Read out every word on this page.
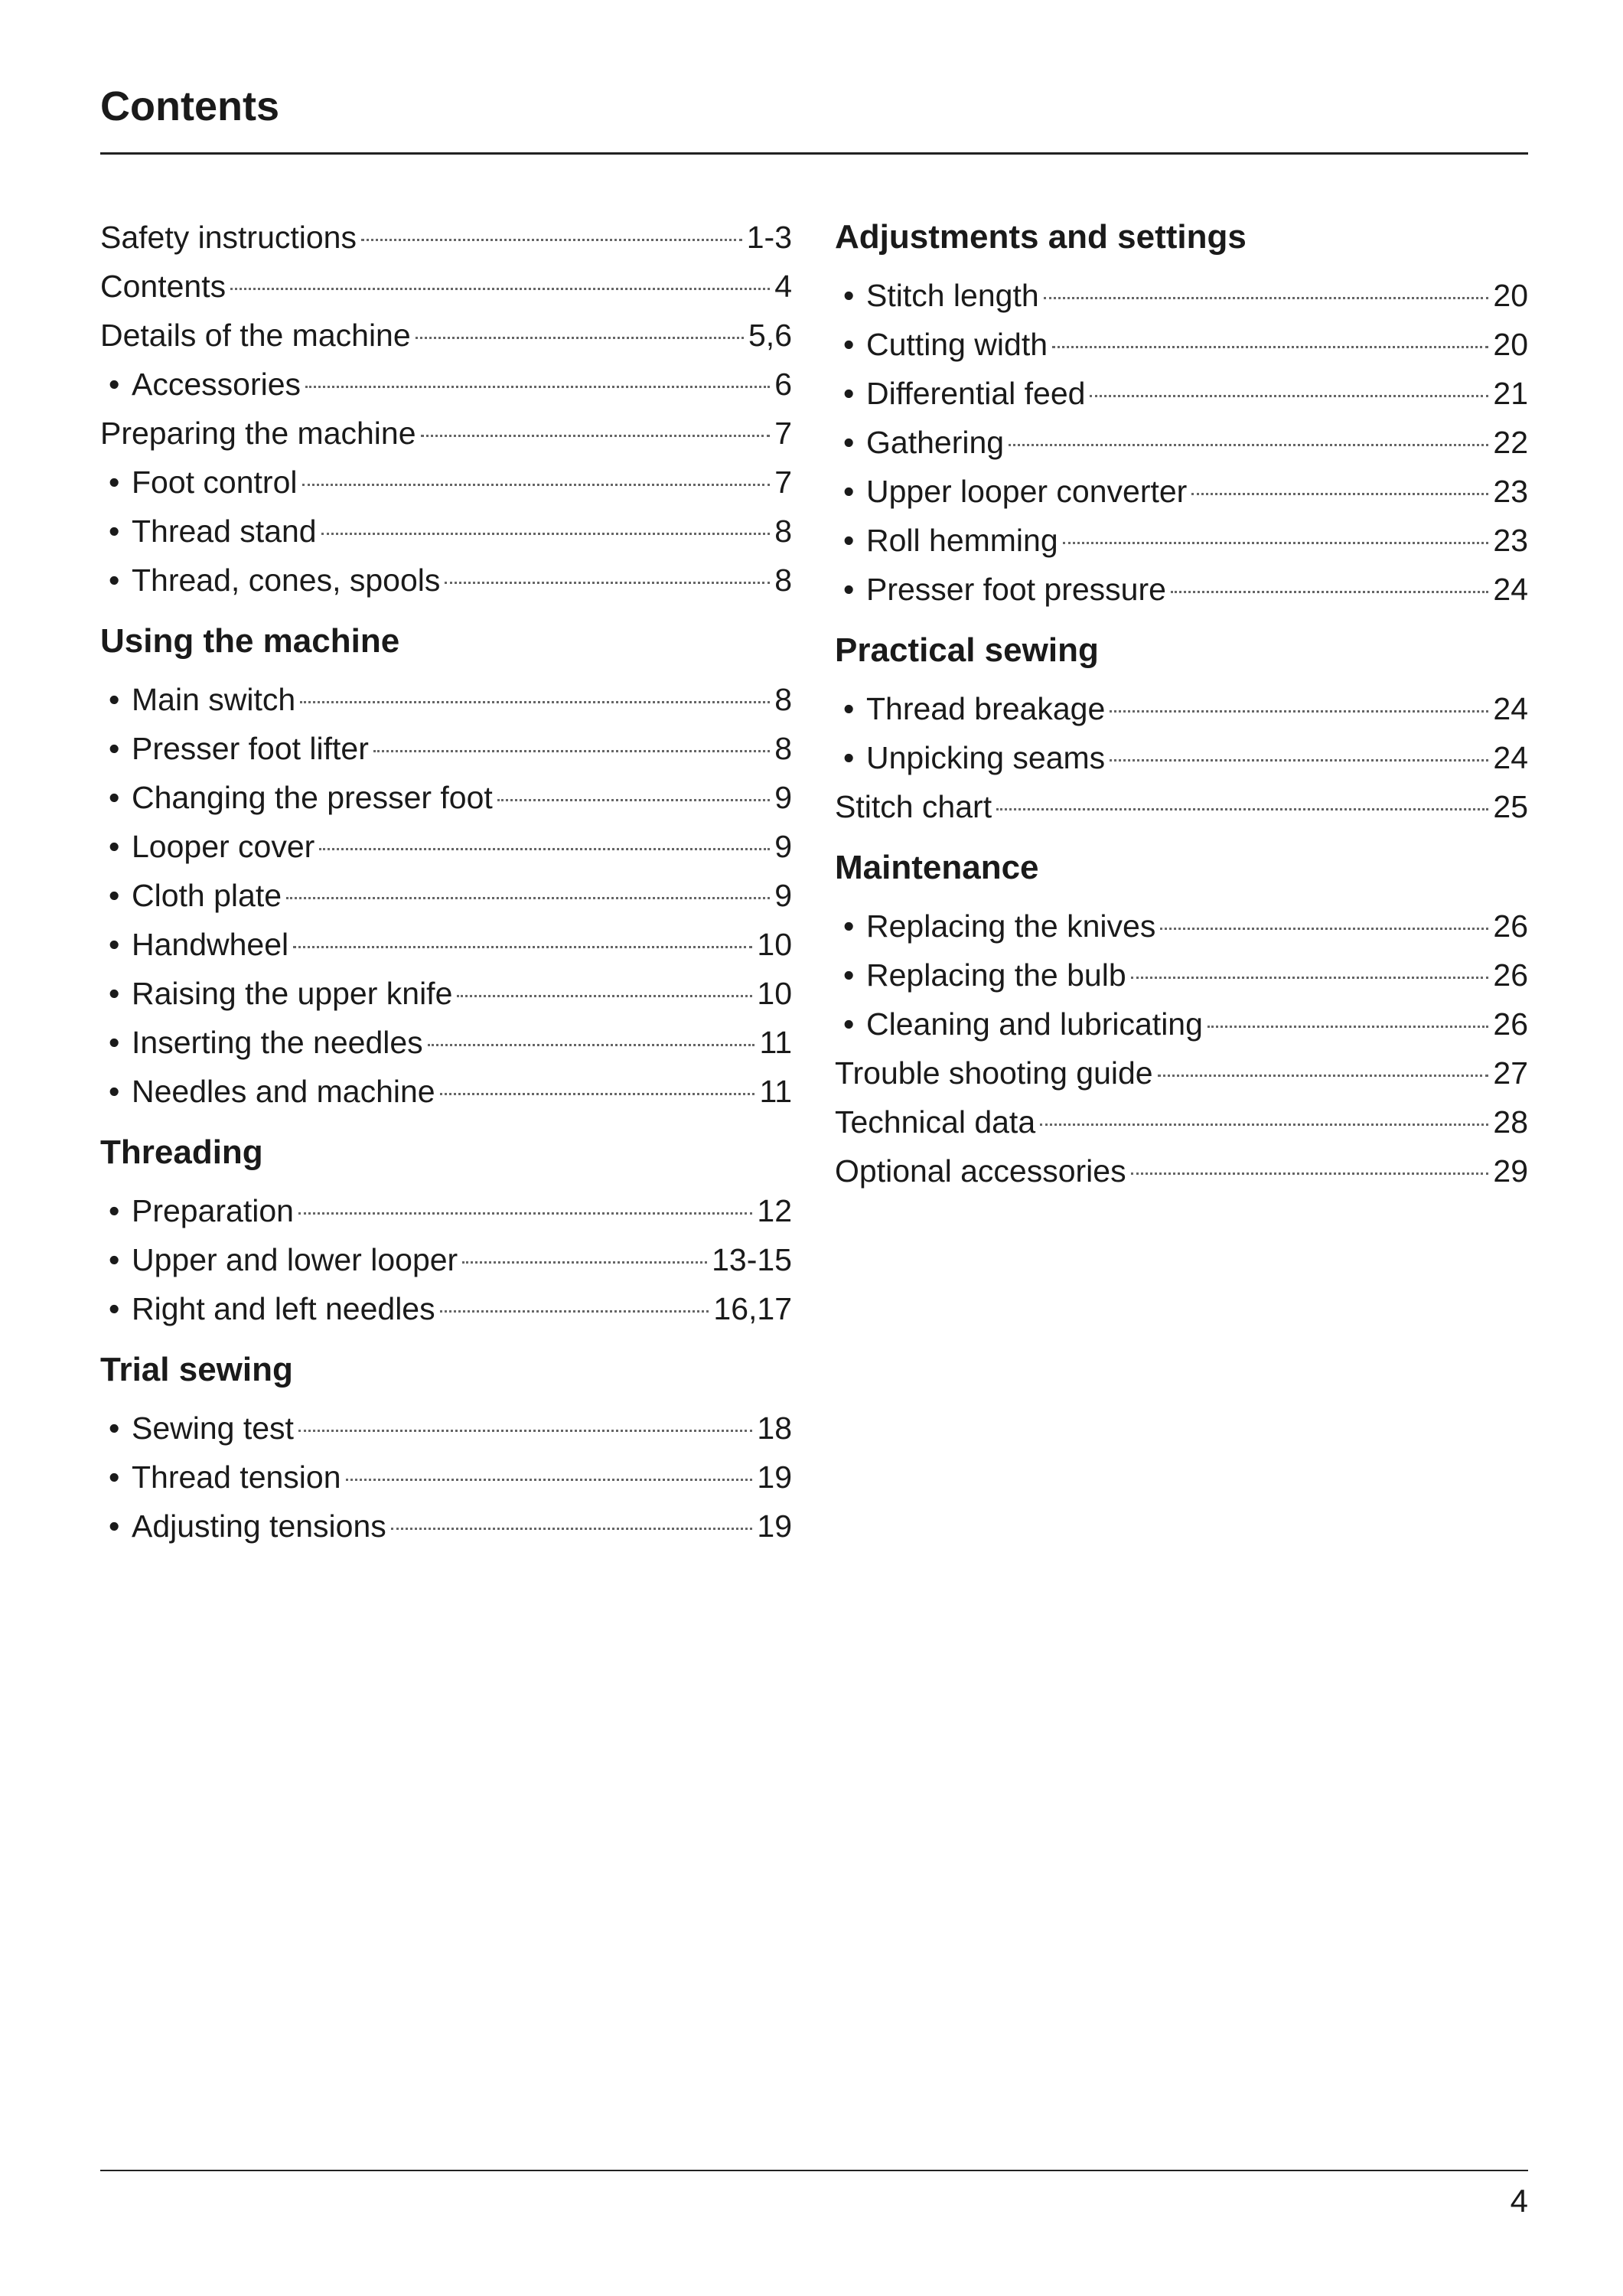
Contents
Safety instructions	1-3
Contents	4
Details of the machine	5,6
• Accessories	6
Preparing the machine	7
• Foot control	7
• Thread stand	8
• Thread, cones, spools	8
Using the machine
• Main switch	8
• Presser foot lifter	8
• Changing the presser foot	9
• Looper cover	9
• Cloth plate	9
• Handwheel	10
• Raising the upper knife	10
• Inserting the needles	11
• Needles and machine	11
Threading
• Preparation	12
• Upper and lower looper	13-15
• Right and left needles	16,17
Trial sewing
• Sewing test	18
• Thread tension	19
• Adjusting tensions	19
Adjustments and settings
• Stitch length	20
• Cutting width	20
• Differential feed	21
• Gathering	22
• Upper looper converter	23
• Roll hemming	23
• Presser foot pressure	24
Practical sewing
• Thread breakage	24
• Unpicking seams	24
Stitch chart	25
Maintenance
• Replacing the knives	26
• Replacing the bulb	26
• Cleaning and lubricating	26
Trouble shooting guide	27
Technical data	28
Optional accessories	29
4
